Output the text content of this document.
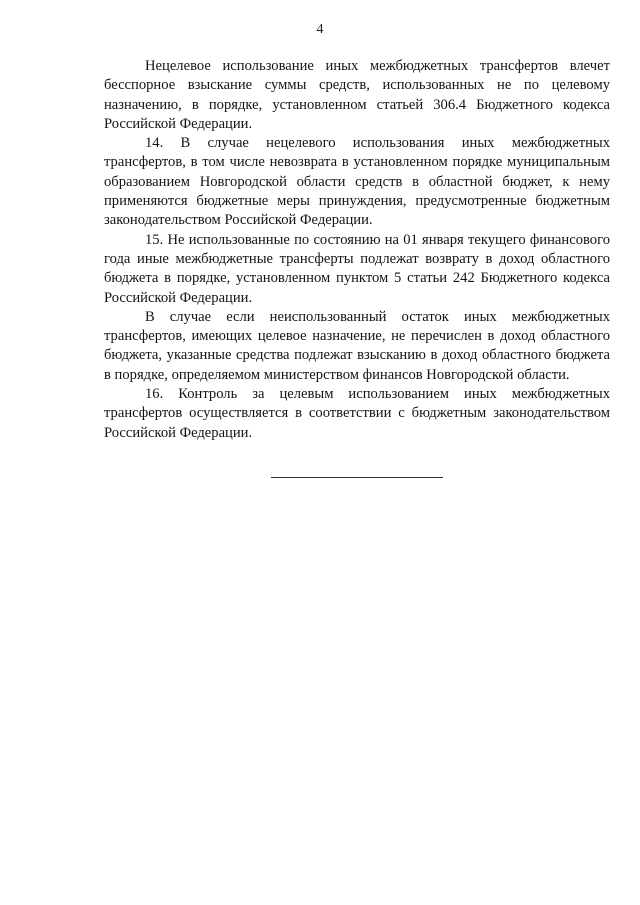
4

Нецелевое использование иных межбюджетных трансфертов влечет бесспорное взыскание суммы средств, использованных не по целевому назначению, в порядке, установленном статьей 306.4 Бюджетного кодекса Российской Федерации.

14. В случае нецелевого использования иных межбюджетных трансфертов, в том числе невозврата в установленном порядке муниципальным образованием Новгородской области средств в областной бюджет, к нему применяются бюджетные меры принуждения, предусмотренные бюджетным законодательством Российской Федерации.

15. Не использованные по состоянию на 01 января текущего финансового года иные межбюджетные трансферты подлежат возврату в доход областного бюджета в порядке, установленном пунктом 5 статьи 242 Бюджетного кодекса Российской Федерации.

В случае если неиспользованный остаток иных межбюджетных трансфертов, имеющих целевое назначение, не перечислен в доход областного бюджета, указанные средства подлежат взысканию в доход областного бюджета в порядке, определяемом министерством финансов Новгородской области.

16. Контроль за целевым использованием иных межбюджетных трансфертов осуществляется в соответствии с бюджетным законодательством Российской Федерации.
